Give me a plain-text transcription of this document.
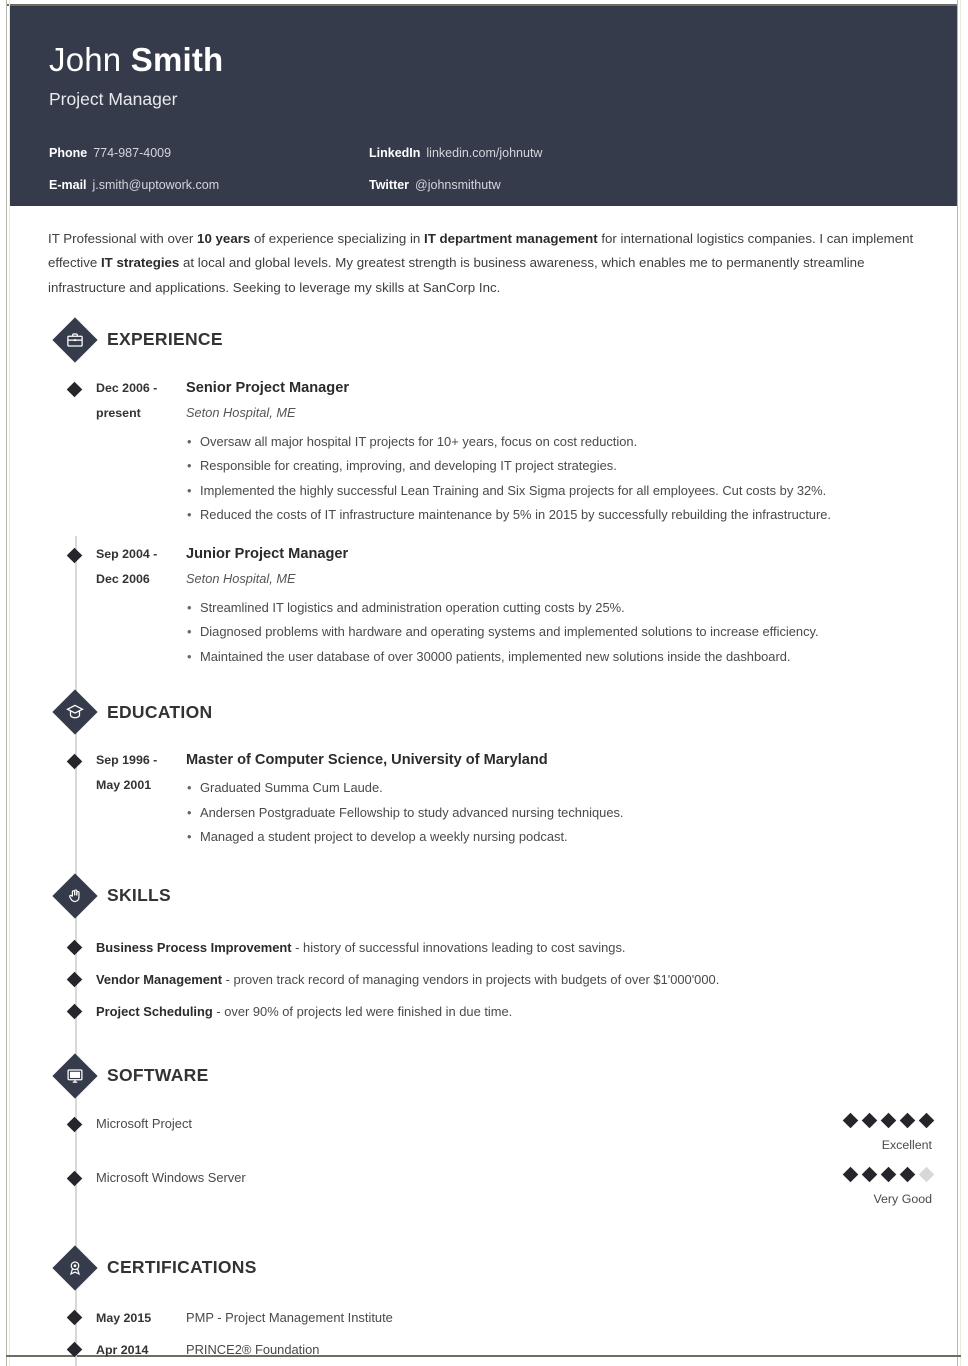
John Smith
Project Manager
Phone 774-987-4009
E-mail j.smith@uptowork.com
LinkedIn linkedin.com/johnutw
Twitter @johnsmithutw

IT Professional with over 10 years of experience specializing in IT department management for international logistics companies. I can implement effective IT strategies at local and global levels. My greatest strength is business awareness, which enables me to permanently streamline infrastructure and applications. Seeking to leverage my skills at SanCorp Inc.

EXPERIENCE
Dec 2006 -
present
Senior Project Manager
Seton Hospital, ME
• Oversaw all major hospital IT projects for 10+ years, focus on cost reduction.
• Responsible for creating, improving, and developing IT project strategies.
• Implemented the highly successful Lean Training and Six Sigma projects for all employees. Cut costs by 32%.
• Reduced the costs of IT infrastructure maintenance by 5% in 2015 by successfully rebuilding the infrastructure.
Sep 2004 -
Dec 2006
Junior Project Manager
Seton Hospital, ME
• Streamlined IT logistics and administration operation cutting costs by 25%.
• Diagnosed problems with hardware and operating systems and implemented solutions to increase efficiency.
• Maintained the user database of over 30000 patients, implemented new solutions inside the dashboard.
EDUCATION
Sep 1996 -
May 2001
Master of Computer Science, University of Maryland
• Graduated Summa Cum Laude.
• Andersen Postgraduate Fellowship to study advanced nursing techniques.
• Managed a student project to develop a weekly nursing podcast.
SKILLS
Business Process Improvement - history of successful innovations leading to cost savings.
Vendor Management - proven track record of managing vendors in projects with budgets of over $1'000'000.
Project Scheduling - over 90% of projects led were finished in due time.
SOFTWARE
Microsoft Project
Excellent
Microsoft Windows Server
Very Good
CERTIFICATIONS
May 2015	PMP - Project Management Institute
Apr 2014	PRINCE2® Foundation
